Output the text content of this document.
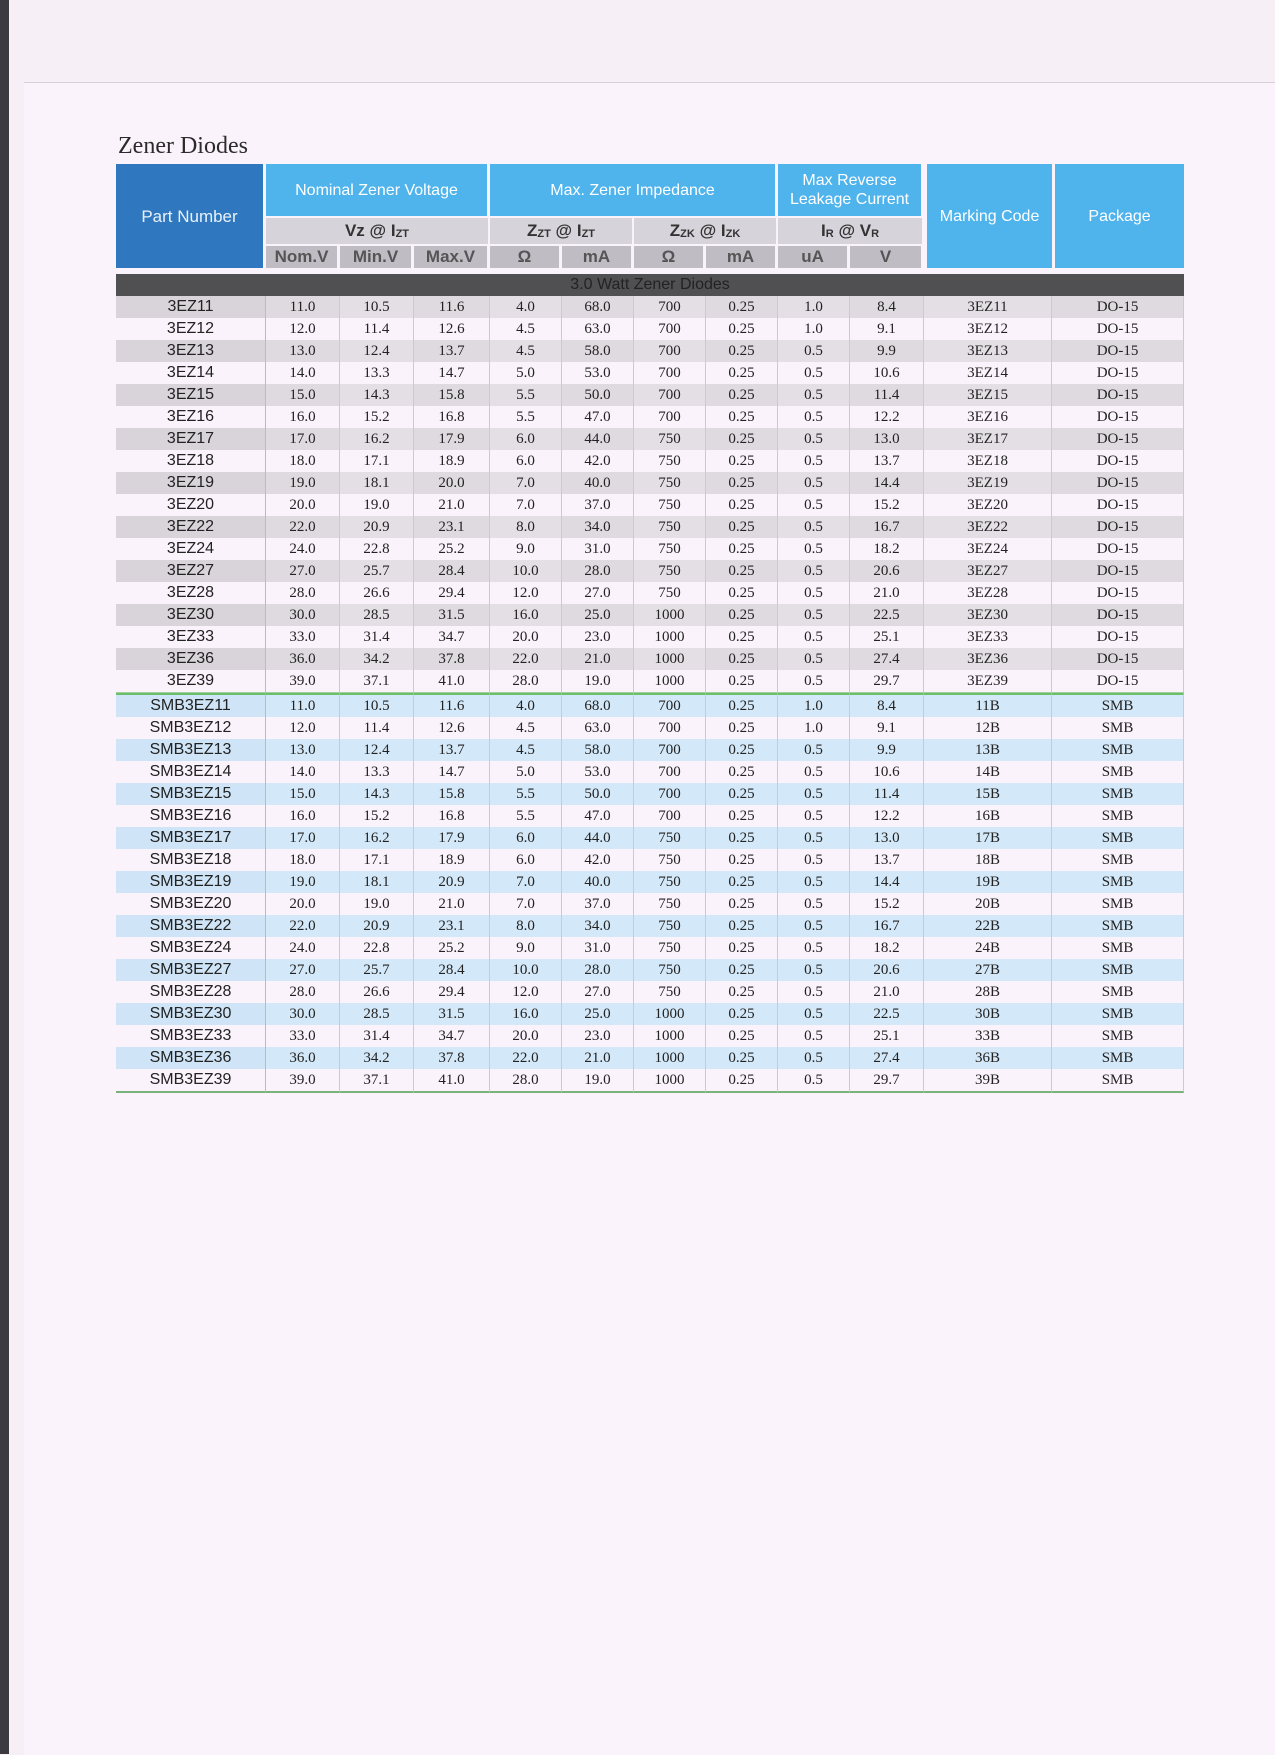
Zener Diodes
Part Number	Nominal Zener Voltage			Max. Zener Impedance				Max Reverse Leakage Current		Marking Code	Package
	Vz @ $I_{ZT}$			$Z_{ZT}$ @ $I_{ZT}$		$Z_{ZK}$ @ $I_{ZK}$		$I_R$ @ $V_R$
	Nom.V	Min.V	Max.V	Ω	mA	Ω	mA	uA	V		
3.0 Watt Zener Diodes											
3EZ11	11.0	10.5	11.6	4.0	68.0	700	0.25	1.0	8.4	3EZ11	DO-15
3EZ12	12.0	11.4	12.6	4.5	63.0	700	0.25	1.0	9.1	3EZ12	DO-15
3EZ13	13.0	12.4	13.7	4.5	58.0	700	0.25	0.5	9.9	3EZ13	DO-15
3EZ14	14.0	13.3	14.7	5.0	53.0	700	0.25	0.5	10.6	3EZ14	DO-15
3EZ15	15.0	14.3	15.8	5.5	50.0	700	0.25	0.5	11.4	3EZ15	DO-15
3EZ16	16.0	15.2	16.8	5.5	47.0	700	0.25	0.5	12.2	3EZ16	DO-15
3EZ17	17.0	16.2	17.9	6.0	44.0	750	0.25	0.5	13.0	3EZ17	DO-15
3EZ18	18.0	17.1	18.9	6.0	42.0	750	0.25	0.5	13.7	3EZ18	DO-15
3EZ19	19.0	18.1	20.0	7.0	40.0	750	0.25	0.5	14.4	3EZ19	DO-15
3EZ20	20.0	19.0	21.0	7.0	37.0	750	0.25	0.5	15.2	3EZ20	DO-15
3EZ22	22.0	20.9	23.1	8.0	34.0	750	0.25	0.5	16.7	3EZ22	DO-15
3EZ24	24.0	22.8	25.2	9.0	31.0	750	0.25	0.5	18.2	3EZ24	DO-15
3EZ27	27.0	25.7	28.4	10.0	28.0	750	0.25	0.5	20.6	3EZ27	DO-15
3EZ28	28.0	26.6	29.4	12.0	27.0	750	0.25	0.5	21.0	3EZ28	DO-15
3EZ30	30.0	28.5	31.5	16.0	25.0	1000	0.25	0.5	22.5	3EZ30	DO-15
3EZ33	33.0	31.4	34.7	20.0	23.0	1000	0.25	0.5	25.1	3EZ33	DO-15
3EZ36	36.0	34.2	37.8	22.0	21.0	1000	0.25	0.5	27.4	3EZ36	DO-15
3EZ39	39.0	37.1	41.0	28.0	19.0	1000	0.25	0.5	29.7	3EZ39	DO-15
SMB3EZ11	11.0	10.5	11.6	4.0	68.0	700	0.25	1.0	8.4	11B	SMB
SMB3EZ12	12.0	11.4	12.6	4.5	63.0	700	0.25	1.0	9.1	12B	SMB
SMB3EZ13	13.0	12.4	13.7	4.5	58.0	700	0.25	0.5	9.9	13B	SMB
SMB3EZ14	14.0	13.3	14.7	5.0	53.0	700	0.25	0.5	10.6	14B	SMB
SMB3EZ15	15.0	14.3	15.8	5.5	50.0	700	0.25	0.5	11.4	15B	SMB
SMB3EZ16	16.0	15.2	16.8	5.5	47.0	700	0.25	0.5	12.2	16B	SMB
SMB3EZ17	17.0	16.2	17.9	6.0	44.0	750	0.25	0.5	13.0	17B	SMB
SMB3EZ18	18.0	17.1	18.9	6.0	42.0	750	0.25	0.5	13.7	18B	SMB
SMB3EZ19	19.0	18.1	20.9	7.0	40.0	750	0.25	0.5	14.4	19B	SMB
SMB3EZ20	20.0	19.0	21.0	7.0	37.0	750	0.25	0.5	15.2	20B	SMB
SMB3EZ22	22.0	20.9	23.1	8.0	34.0	750	0.25	0.5	16.7	22B	SMB
SMB3EZ24	24.0	22.8	25.2	9.0	31.0	750	0.25	0.5	18.2	24B	SMB
SMB3EZ27	27.0	25.7	28.4	10.0	28.0	750	0.25	0.5	20.6	27B	SMB
SMB3EZ28	28.0	26.6	29.4	12.0	27.0	750	0.25	0.5	21.0	28B	SMB
SMB3EZ30	30.0	28.5	31.5	16.0	25.0	1000	0.25	0.5	22.5	30B	SMB
SMB3EZ33	33.0	31.4	34.7	20.0	23.0	1000	0.25	0.5	25.1	33B	SMB
SMB3EZ36	36.0	34.2	37.8	22.0	21.0	1000	0.25	0.5	27.4	36B	SMB
SMB3EZ39	39.0	37.1	41.0	28.0	19.0	1000	0.25	0.5	29.7	39B	SMB
